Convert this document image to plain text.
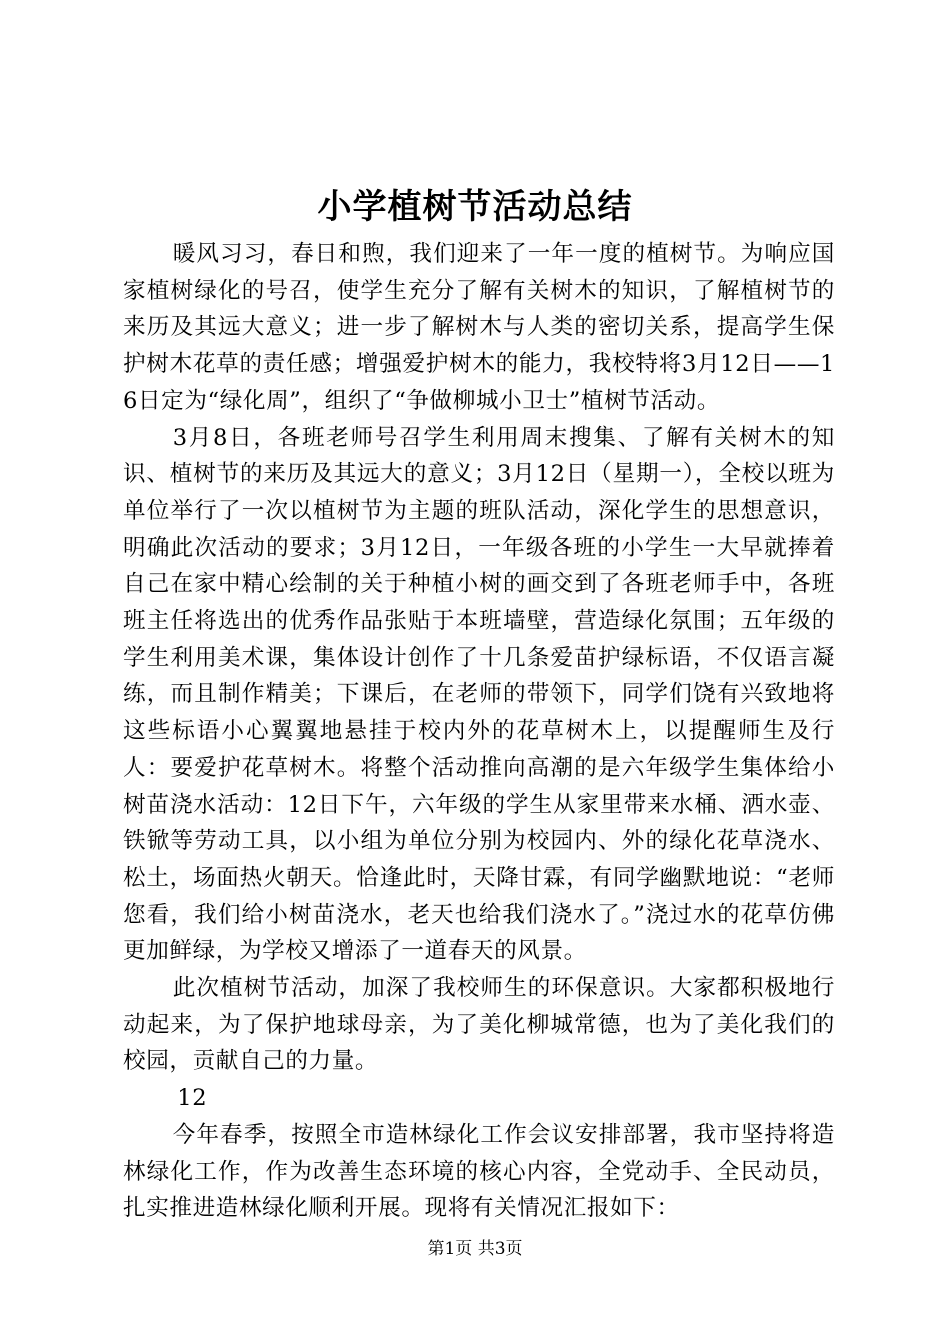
小学植树节活动总结

暖风习习，春日和煦，我们迎来了一年一度的植树节。为响应国家植树绿化的号召，使学生充分了解有关树木的知识，了解植树节的来历及其远大意义；进一步了解树木与人类的密切关系，提高学生保护树木花草的责任感；增强爱护树木的能力，我校特将3月12日——16日定为“绿化周”，组织了“争做柳城小卫士”植树节活动。

3月8日，各班老师号召学生利用周末搜集、了解有关树木的知识、植树节的来历及其远大的意义；3月12日（星期一），全校以班为单位举行了一次以植树节为主题的班队活动，深化学生的思想意识，明确此次活动的要求；3月12日，一年级各班的小学生一大早就捧着自己在家中精心绘制的关于种植小树的画交到了各班老师手中，各班班主任将选出的优秀作品张贴于本班墙壁，营造绿化氛围；五年级的学生利用美术课，集体设计创作了十几条爱苗护绿标语，不仅语言凝练，而且制作精美；下课后，在老师的带领下，同学们饶有兴致地将这些标语小心翼翼地悬挂于校内外的花草树木上，以提醒师生及行人：要爱护花草树木。将整个活动推向高潮的是六年级学生集体给小树苗浇水活动：12日下午，六年级的学生从家里带来水桶、洒水壶、铁锨等劳动工具，以小组为单位分别为校园内、外的绿化花草浇水、松土，场面热火朝天。恰逢此时，天降甘霖，有同学幽默地说：“老师您看，我们给小树苗浇水，老天也给我们浇水了。”浇过水的花草仿佛更加鲜绿，为学校又增添了一道春天的风景。

此次植树节活动，加深了我校师生的环保意识。大家都积极地行动起来，为了保护地球母亲，为了美化柳城常德，也为了美化我们的校园，贡献自己的力量。

12

今年春季，按照全市造林绿化工作会议安排部署，我市坚持将造林绿化工作，作为改善生态环境的核心内容，全党动手、全民动员，扎实推进造林绿化顺利开展。现将有关情况汇报如下：

第1页 共3页
